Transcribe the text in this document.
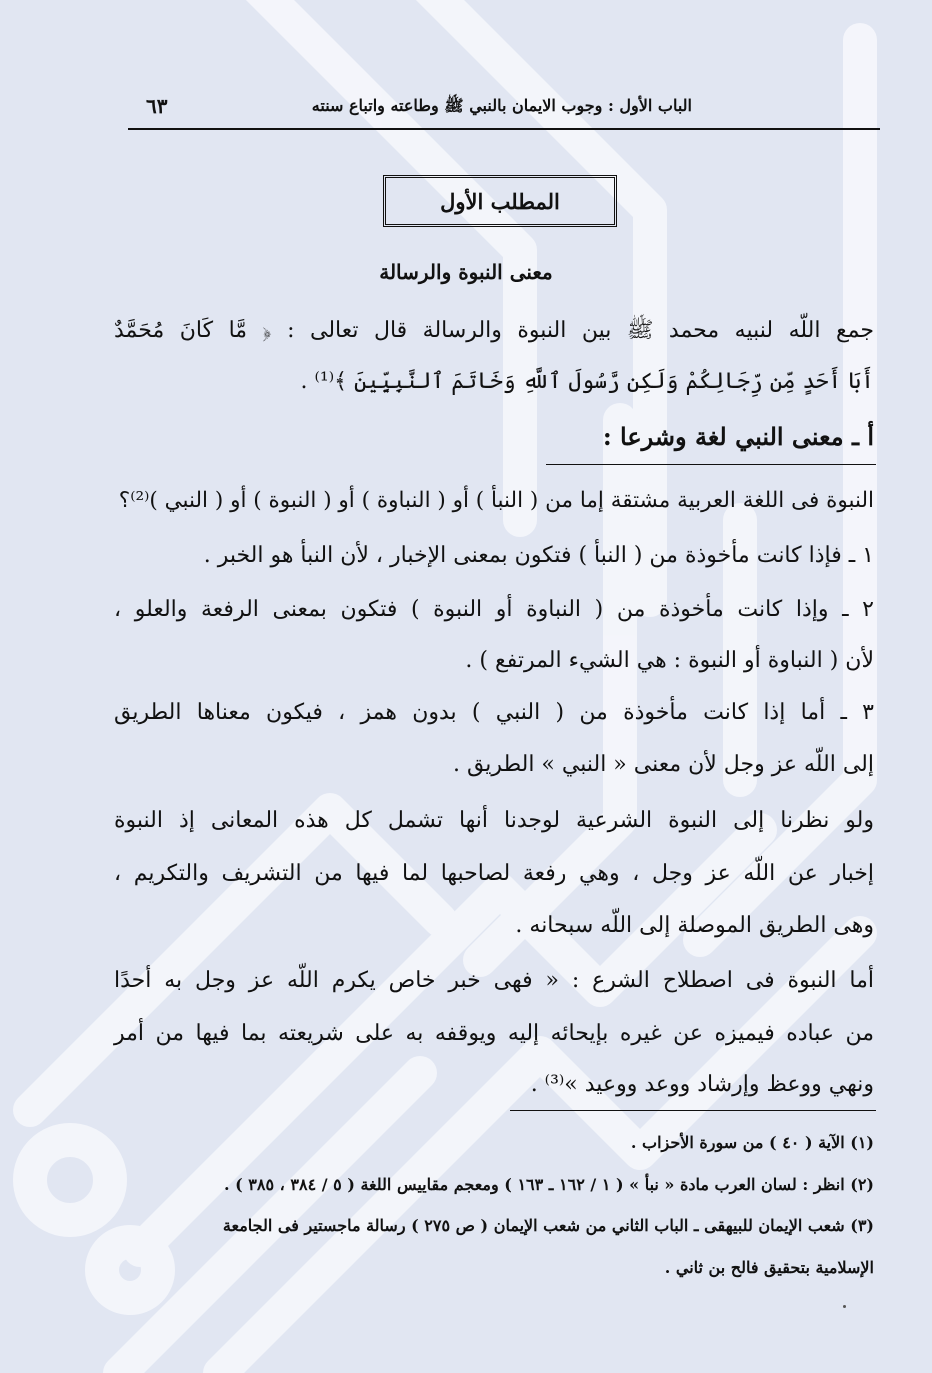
الباب الأول : وجوب الايمان بالنبي ﷺ وطاعته واتباع سنته
٦٣
المطلب الأول
معنى النبوة والرسالة
جمع اللّه لنبيه محمد ﷺ بين النبوة والرسالة قال تعالى : ﴿ مَّا كَانَ مُحَمَّدٌ
أَبَا أَحَدٍ مِّن رِّجَالِكُمْ وَلَكِن رَّسُولَ ٱللَّهِ وَخَاتَمَ ٱلنَّبِيِّينَ ﴾⁽¹⁾ .
أ ـ معنى النبي لغة وشرعا :
النبوة فى اللغة العربية مشتقة إما من ( النبأ ) أو ( النباوة ) أو ( النبوة ) أو ( النبي )⁽²⁾؟
١ ـ فإذا كانت مأخوذة من ( النبأ ) فتكون بمعنى الإخبار ، لأن النبأ هو الخبر .
٢ ـ وإذا كانت مأخوذة من ( النباوة أو النبوة ) فتكون بمعنى الرفعة والعلو ،
لأن ( النباوة أو النبوة : هي الشيء المرتفع ) .
٣ ـ أما إذا كانت مأخوذة من ( النبي ) بدون همز ، فيكون معناها الطريق
إلى اللّه عز وجل لأن معنى « النبي » الطريق .
ولو نظرنا إلى النبوة الشرعية لوجدنا أنها تشمل كل هذه المعانى إذ النبوة
إخبار عن اللّه عز وجل ، وهي رفعة لصاحبها لما فيها من التشريف والتكريم ،
وهى الطريق الموصلة إلى اللّه سبحانه .
أما النبوة فى اصطلاح الشرع : « فهى خبر خاص يكرم اللّه عز وجل به أحدًا
من عباده فيميزه عن غيره بإيحائه إليه ويوقفه به على شريعته بما فيها من أمر
ونهي ووعظ وإرشاد ووعد ووعيد »⁽³⁾ .
(١) الآية ( ٤٠ ) من سورة الأحزاب .
(٢) انظر : لسان العرب مادة « نبأ » ( ١ / ١٦٢ ـ ١٦٣ ) ومعجم مقاييس اللغة ( ٥ / ٣٨٤ ، ٣٨٥ ) .
(٣) شعب الإيمان للبيهقى ـ الباب الثاني من شعب الإيمان ( ص ٢٧٥ ) رسالة ماجستير فى الجامعة
الإسلامية بتحقيق فالح بن ثاني .
